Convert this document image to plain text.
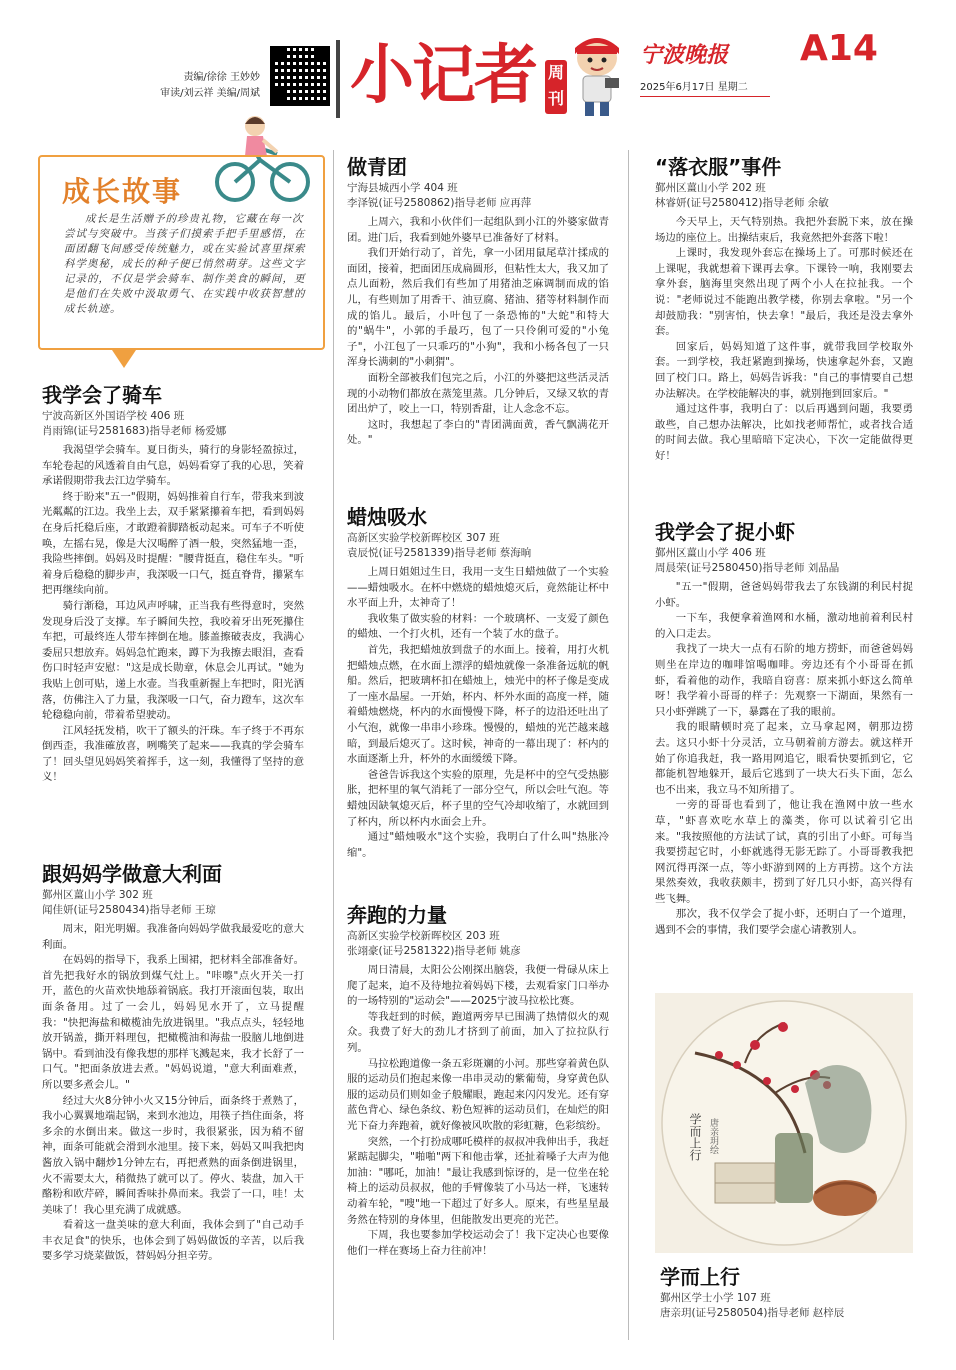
责编/徐徐 王妙妙
审读/刘云祥 美编/周斌 小记者 周刊
宁波晚报
2025年6月17日 星期二
A14
成长故事
成长是生活赠予的珍贵礼物，它藏在每一次尝试与突破中。当孩子们摸索手把手里感悟，在面团翻飞间感受传统魅力，或在实验试喜里探索科学奥秘，成长的种子便已悄然萌芽。这些文字记录的，不仅是学会骑车、制作美食的瞬间，更是他们在失败中汲取勇气、在实践中收获智慧的成长轨迹。
我学会了骑车
宁波高新区外国语学校 406 班
肖雨锦(证号2581683)指导老师 杨爱娜

我渴望学会骑车。夏日街头，骑行的身影轻盈掠过，车轮卷起的风透着自由气息，妈妈看穿了我的心思，笑着承诺假期带我去江边学骑车。

终于盼来"五一"假期，妈妈推着自行车，带我来到波光粼粼的江边。我坐上去，双手紧紧攥着车把，看到妈妈在身后托稳后座，才敢蹬着脚踏板动起来。可车子不听使唤，左摇右晃，像是大汉喝醉了酒一般，突然猛地一歪，我险些摔倒。妈妈及时提醒："腰背挺直，稳住车头。"听着身后稳稳的脚步声，我深吸一口气，挺直脊背，攥紧车把再继续向前。

骑行渐稳，耳边风声呼啸，正当我有些得意时，突然发现身后没了支撑。车子瞬间失控，我咬着牙出死死攥住车把，可最终连人带车摔倒在地。膝盖擦破表皮，我满心委屈只想放弃。妈妈急忙跑来，蹲下为我擦去眼泪，查看伤口时轻声安慰："这是成长勋章，休息会儿再试。"她为我贴上创可贴，递上水壶。当我重新握上车把时，阳光洒落，仿佛注入了力量，我深吸一口气，奋力蹬车，这次车轮稳稳向前，带着希望驶动。

江风轻抚发梢，吹干了额头的汗珠。车子终于不再东倒西歪，我准確放喜，咧嘴笑了起来——我真的学会骑车了！回头望见妈妈笑着挥手，这一刻，我懂得了坚持的意义！

跟妈妈学做意大利面
鄞州区薑山小学 302 班
闻佳妍(证号2580434)指导老师 王琼

周末，阳光明媚。我准备向妈妈学做我最爱吃的意大利面。

在妈妈的指导下，我系上围裙，把材料全部准备好。首先把我好水的锅放到煤气灶上。"咔嚓"点火开关一打开，蓝色的火苗欢快地舔着锅底。我打开滚面包装，取出面条备用。过了一会儿，妈妈见水开了，立马提醒我："快把海盐和橄榄油先放进锅里。"我点点头，轻轻地放开锅盖，撕开料理包，把橄榄油和海盐一股脑儿地倒进锅中。看到油没有像我想的那样飞溅起来，我才长舒了一口气。"把面条放进去煮。"妈妈说道，"意大利面难煮，所以要多煮会儿。"

经过大火8分钟小火又15分钟后，面条终于煮熟了，我小心翼翼地端起锅，来到水池边，用筷子挡住面条，将多余的水倒出来。做这一步时，我很紧张，因为稍不留神，面条可能就会滑到水池里。接下来，妈妈又叫我把肉酱放入锅中翻炒1分钟左右，再把煮熟的面条倒进锅里，火不需要太大，稍微热了就可以了。停火、装盘，加入干酪粉和欧芹碎，瞬间香味扑鼻而来。我尝了一口，哇！太美味了！我心里充满了成就感。

看着这一盘美味的意大利面，我体会到了"自己动手丰衣足食"的快乐，也体会到了妈妈做饭的辛苦，以后我要多学习烧菜做饭，替妈妈分担辛劳。

做青团
宁海县城西小学 404 班
李泽锐(证号2580862)指导老师 应再萍

上周六，我和小伙伴们一起组队到小江的外婆家做青团。进门后，我看到她外婆早已准备好了材料。

我们开始行动了，首先，拿一小团用鼠尾草汁揉成的面团，接着，把面团压成扁圆形，但粘性太大，我又加了点儿面粉，然后我们有些加了用猪油芝麻调制而成的馅儿，有些则加了用香干、油豆腐、猪油、猪等材料制作而成的馅儿。最后，小叶包了一条恐怖的"大蛇"和特大的"蜗牛"，小郭的手最巧，包了一只伶俐可爱的"小兔子"，小江包了一只乖巧的"小狗"，我和小杨各包了一只浑身长满刺的"小刺猬"。

面粉全部被我们包完之后，小江的外婆把这些活灵活现的小动物们都放在蒸笼里蒸。几分钟后，又绿又软的青团出炉了，咬上一口，特别香甜，让人念念不忘。

这时，我想起了李白的"青团满面黄，香气飘满花开处。"

蜡烛吸水
高新区实验学校新晖校区 307 班
袁辰悦(证号2581339)指导老师 蔡海晌

上周日姐姐过生日，我用一支生日蜡烛做了一个实验——蜡烛吸水。在杯中燃烧的蜡烛熄灭后，竟然能让杯中水平面上升，太神奇了！

我收集了做实验的材料：一个玻璃杯、一支爱了颜色的蜡烛、一个打火机，还有一个装了水的盘子。

首先，我把蜡烛放到盘子的水面上。接着，用打火机把蜡烛点燃，在水面上漂浮的蜡烛就像一条准备远航的帆船。然后，把玻璃杯扣在蜡烛上，烛光中的杯子像是变成了一座水晶屋。一开始，杯内、杯外水面的高度一样，随着蜡烛燃烧，杯内的水面慢慢下降，杯子的边沿还吐出了小气泡，就像一串串小珍珠。慢慢的，蜡烛的光芒越来越暗，到最后熄灭了。这时候，神奇的一幕出现了：杯内的水面逐渐上升，杯外的水面缓缓下降。

爸爸告诉我这个实验的原理，先是杯中的空气受热膨胀，把杯里的氧气消耗了一部分空气，所以会吐气泡。等蜡烛因缺氧熄灭后，杯子里的空气冷却收缩了，水就回到了杯内，所以杯内水面会上升。

通过"蜡烛吸水"这个实验，我明白了什么叫"热胀冷缩"。

奔跑的力量
高新区实验学校新晖校区 203 班
张翊豪(证号2581322)指导老师 姚彦

周日清晨，太阳公公刚探出脑袋，我便一骨碌从床上爬了起来，迫不及待地拉着妈妈下楼，去观看家门口举办的一场特别的"运动会"——2025宁波马拉松比赛。

等我赶到的时候，跑道两旁早已围满了热情似火的观众。我费了好大的劲儿才挤到了前面，加入了拉拉队行列。

马拉松跑道像一条五彩斑斓的小河。那些穿着黄色队服的运动员们抱起来像一串串灵动的紫葡萄，身穿黄色队服的运动员们则如金子般耀眼，跑起来闪闪发光。还有穿蓝色背心、绿色条纹、粉色短裤的运动员们，在灿烂的阳光下奋力奔跑着，就好像被风吹散的彩虹糖，色彩缤纷。

突然，一个打扮成哪吒模样的叔叔冲我伸出手，我赶紧踮起脚尖，"啪啪"两下和他击掌，还扯着嗓子大声为他加油："哪吒，加油！"最让我感到惊讶的，是一位坐在轮椅上的运动员叔叔，他的手臂像装了小马达一样，飞速转动着车轮，"嗖"地一下超过了好多人。原来，有些星星最务然在特别的身体里，但能散发出更亮的光芒。

下周，我也要参加学校运动会了！我下定决心也要像他们一样在赛场上奋力往前冲！

“落衣服”事件
鄞州区薑山小学 202 班
林睿妍(证号2580412)指导老师 余敏

今天早上，天气特别热。我把外套脱下来，放在操场边的座位上。出操结束后，我竟然把外套落下啦！

上课时，我发现外套忘在操场上了。可那时候还在上课呢，我就想着下课再去拿。下课铃一响，我刚要去拿外套，脑海里突然出现了两个小人在拉扯我。一个说："老师说过不能跑出教学楼，你别去拿啦。"另一个却鼓励我："别害怕，快去拿！"最后，我还是没去拿外套。

回家后，妈妈知道了这件事，就带我回学校取外套。一到学校，我赶紧跑到操场，快速拿起外套，又跑回了校门口。路上，妈妈告诉我："自己的事情要自己想办法解决。在学校能解决的事，就别拖到回家后。"

通过这件事，我明白了：以后再遇到问题，我要勇敢些，自己想办法解决，比如找老师帮忙，或者找合适的时间去做。我心里暗暗下定决心，下次一定能做得更好！

我学会了捉小虾
鄞州区薑山小学 406 班
周晨荣(证号2580450)指导老师 刘晶晶

"五一"假期，爸爸妈妈带我去了东钱湖的利民村捉小虾。

一下车，我便拿着渔网和水桶，激动地前着利民村的入口走去。

我找了一块大一点有石阶的地方捞虾，而爸爸妈妈则坐在岸边的咖啡馆喝咖啡。旁边还有个小哥哥在抓虾，看着他的动作，我暗自窃喜：原来抓小虾这么简单呀！我学着小哥哥的样子：先观察一下湖面，果然有一只小虾弹跳了一下，暴露在了我的眼前。

我的眼睛顿时亮了起来，立马拿起网，朝那边捞去。这只小虾十分灵活，立马朝着前方游去。就这样开始了你追我赶，我一路用网追它，眼看快要抓到它，它都能机智地躲开，最后它逃到了一块大石头下面，怎么也不出来，我立马不知所措了。

一旁的哥哥也看到了，他让我在渔网中放一些水草，"虾喜欢吃水草上的藻类，你可以试着引它出来。"我按照他的方法试了试，真的引出了小虾。可每当我要捞起它时，小虾就逃得无影无踪了。小哥哥教我把网沉得再深一点，等小虾游到网的上方再捞。这个方法果然奏效，我收获颇丰，捞到了好几只小虾，高兴得有些飞舞。

那次，我不仅学会了捉小虾，还明白了一个道理，遇到不会的事情，我们要学会虚心请教别人。

学而上行 唐亲玥绘
学而上行
鄞州区学士小学 107 班
唐亲玥(证号2580504)指导老师 赵梓辰
